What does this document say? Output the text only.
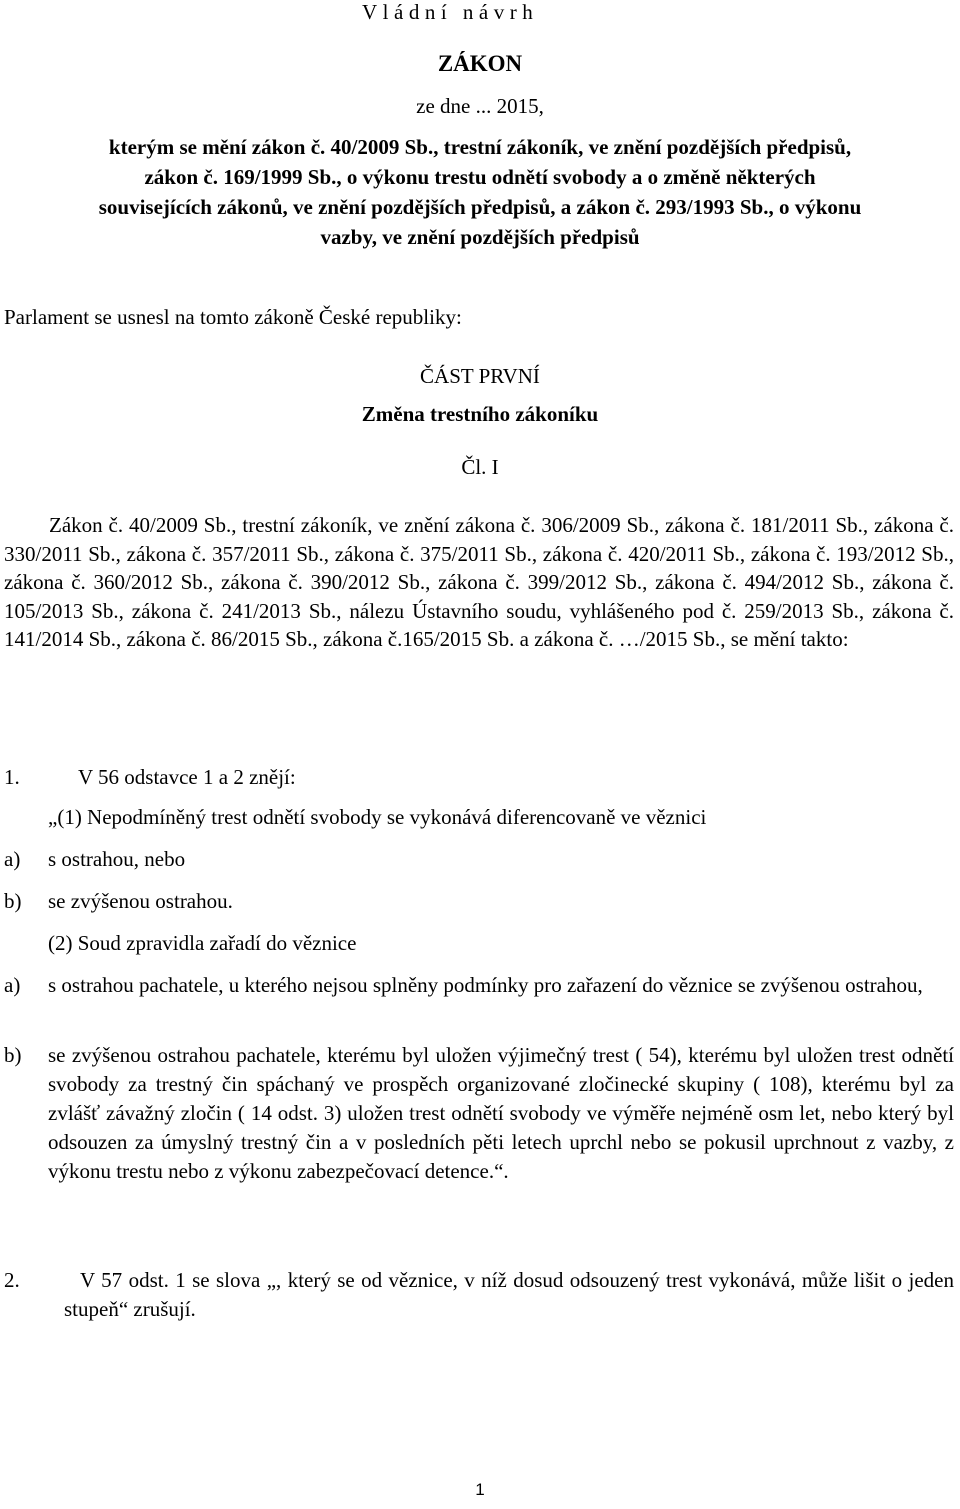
Vládní návrh
ZÁKON
ze dne ... 2015,
kterým se mění zákon č. 40/2009 Sb., trestní zákoník, ve znění pozdějších předpisů,
zákon č. 169/1999 Sb., o výkonu trestu odnětí svobody a o změně některých
souvisejících zákonů, ve znění pozdějších předpisů, a zákon č. 293/1993 Sb., o výkonu
vazby, ve znění pozdějších předpisů
Parlament se usnesl na tomto zákoně České republiky:
ČÁST PRVNÍ
Změna trestního zákoníku
Čl. I

Zákon č. 40/2009 Sb., trestní zákoník, ve znění zákona č. 306/2009 Sb., zákona č. 181/2011 Sb., zákona č. 330/2011 Sb., zákona č. 357/2011 Sb., zákona č. 375/2011 Sb., zákona č. 420/2011 Sb., zákona č. 193/2012 Sb., zákona č. 360/2012 Sb., zákona č. 390/2012 Sb., zákona č. 399/2012 Sb., zákona č. 494/2012 Sb., zákona č. 105/2013 Sb., zákona č. 241/2013 Sb., nálezu Ústavního soudu, vyhlášeného pod č. 259/2013 Sb., zákona č. 141/2014 Sb., zákona č. 86/2015 Sb., zákona č.165/2015 Sb. a zákona č. …/2015 Sb., se mění takto:

1.	V 56 odstavce 1 a 2 znějí:
„(1) Nepodmíněný trest odnětí svobody se vykonává diferencovaně ve věznici
a) s ostrahou, nebo
b) se zvýšenou ostrahou.
(2) Soud zpravidla zařadí do věznice
a) s ostrahou pachatele, u kterého nejsou splněny podmínky pro zařazení do věznice se zvýšenou ostrahou,

b) se zvýšenou ostrahou pachatele, kterému byl uložen výjimečný trest ( 54), kterému byl uložen trest odnětí svobody za trestný čin spáchaný ve prospěch organizované zločinecké skupiny ( 108), kterému byl za zvlášť závažný zločin ( 14 odst. 3) uložen trest odnětí svobody ve výměře nejméně osm let, nebo který byl odsouzen za úmyslný trestný čin a v posledních pěti letech uprchl nebo se pokusil uprchnout z vazby, z výkonu trestu nebo z výkonu zabezpečovací detence.“.

2.	V 57 odst. 1 se slova „, který se od věznice, v níž dosud odsouzený trest vykonává, může lišit o jeden stupeň“ zrušují.

1
